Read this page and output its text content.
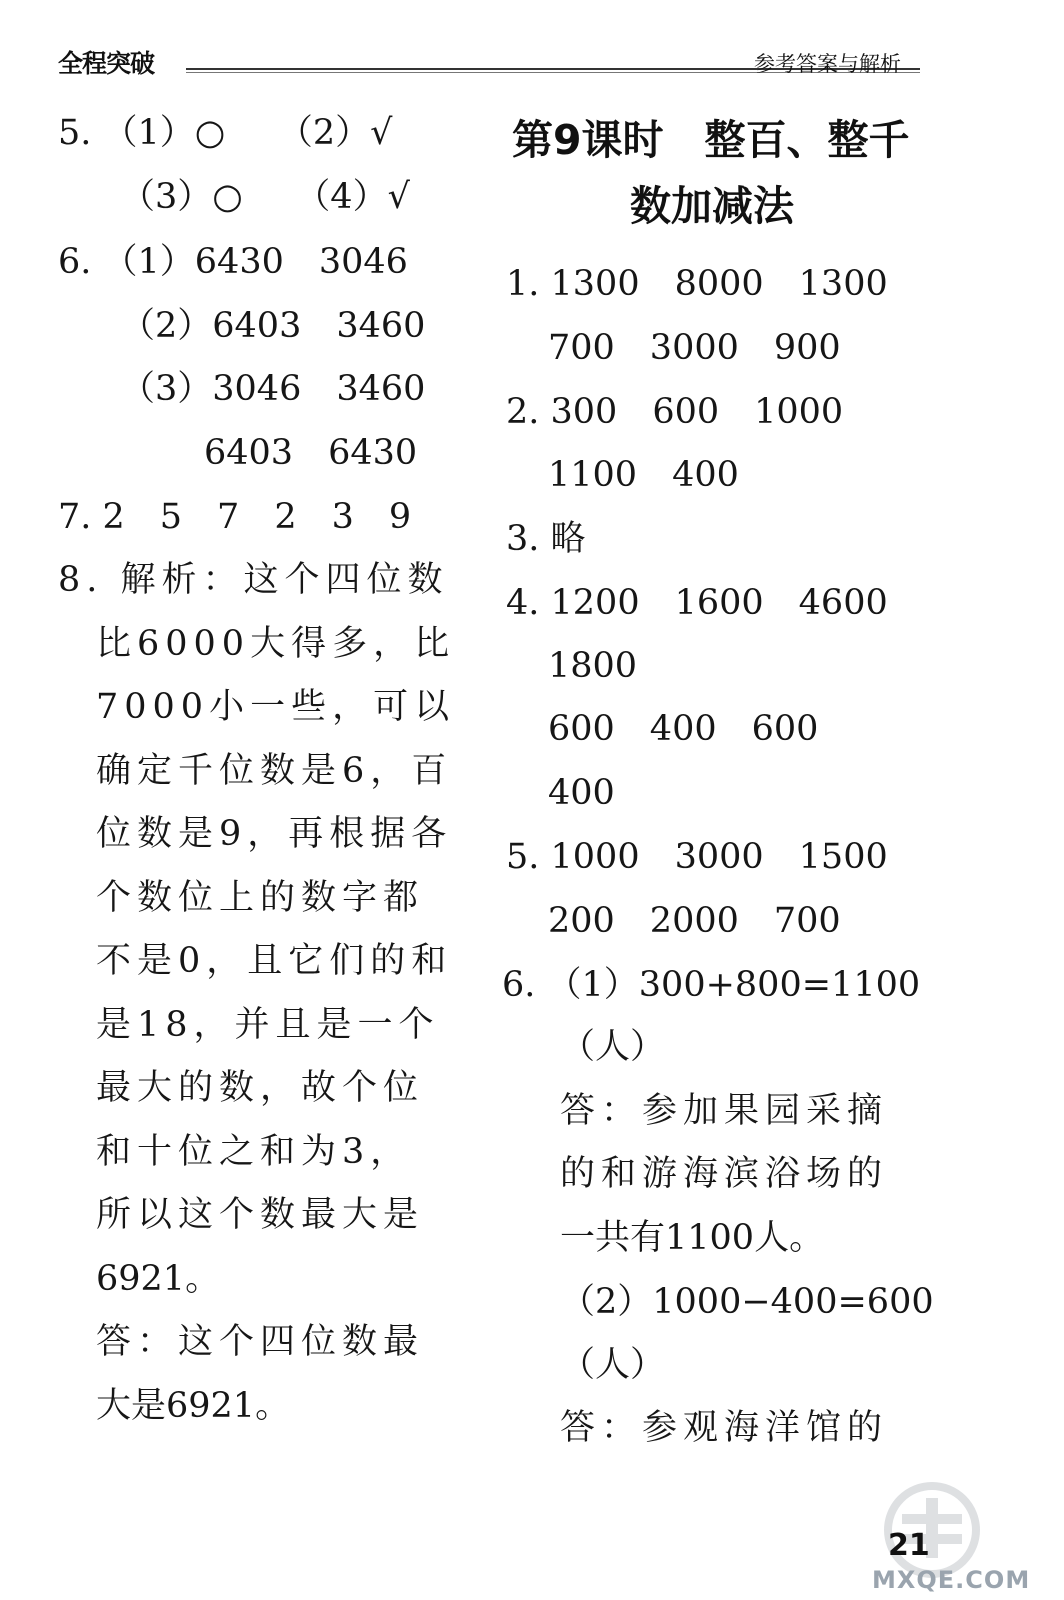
全程突破	参考答案与解析
5. （1）○　　（2）√
（3）○　　（4）√
6. （1）6430　3046
（2）6403　3460
（3）3046　3460
6403　6430
7. 2　5　7　2　3　9
8. 解析：这个四位数
比6000大得多，比
7000小一些，可以
确定千位数是6，百
位数是9，再根据各
个数位上的数字都
不是0，且它们的和
是18，并且是一个
最大的数，故个位
和十位之和为3，
所以这个数最大是
6921。
答：这个四位数最
大是6921。
第9课时　整百、整千
数加减法
1. 1300　8000　1300
700　3000　900
2. 300　600　1000
1100　400
3. 略
4. 1200　1600　4600
1800
600　400　600
400
5. 1000　3000　1500
200　2000　700
6. （1）300+800=1100
（人）
答：参加果园采摘
的和游海滨浴场的
一共有1100人。
（2）1000−400=600
（人）
答：参观海洋馆的
21
MXQE.COM
